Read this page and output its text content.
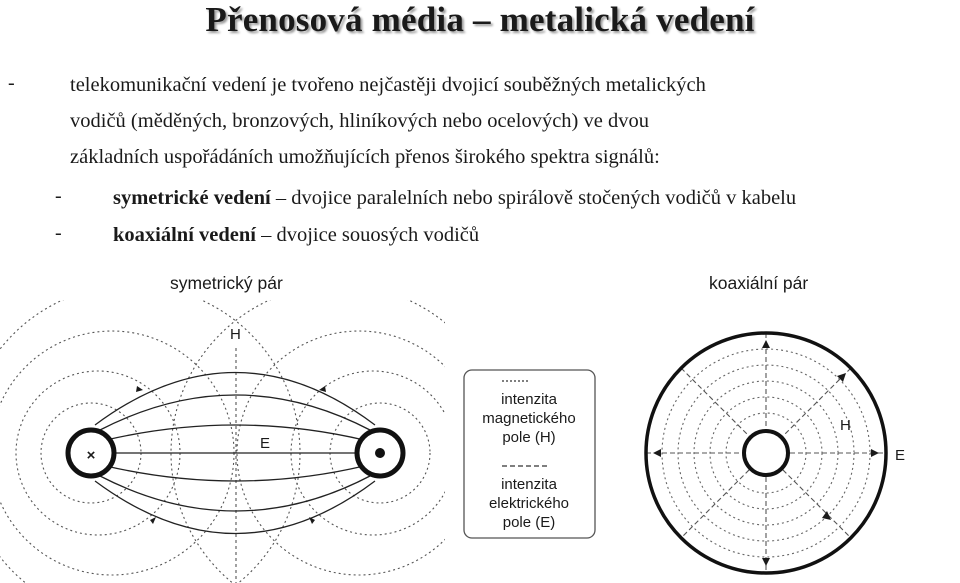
Přenosová média – metalická vedení
-	telekomunikační vedení je tvořeno nejčastěji dvojicí souběžných metalických
vodičů (měděných, bronzových, hliníkových nebo ocelových) ve dvou
základních uspořádáních umožňujících přenos širokého spektra signálů:
-	symetrické vedení – dvojice paralelních nebo spirálově stočených vodičů v kabelu
-	koaxiální vedení – dvojice souosých vodičů
symetrický pár	koaxiální pár
×
H
E
intenzita
magnetického
pole (H)
intenzita
elektrického
pole (E)
H
E
